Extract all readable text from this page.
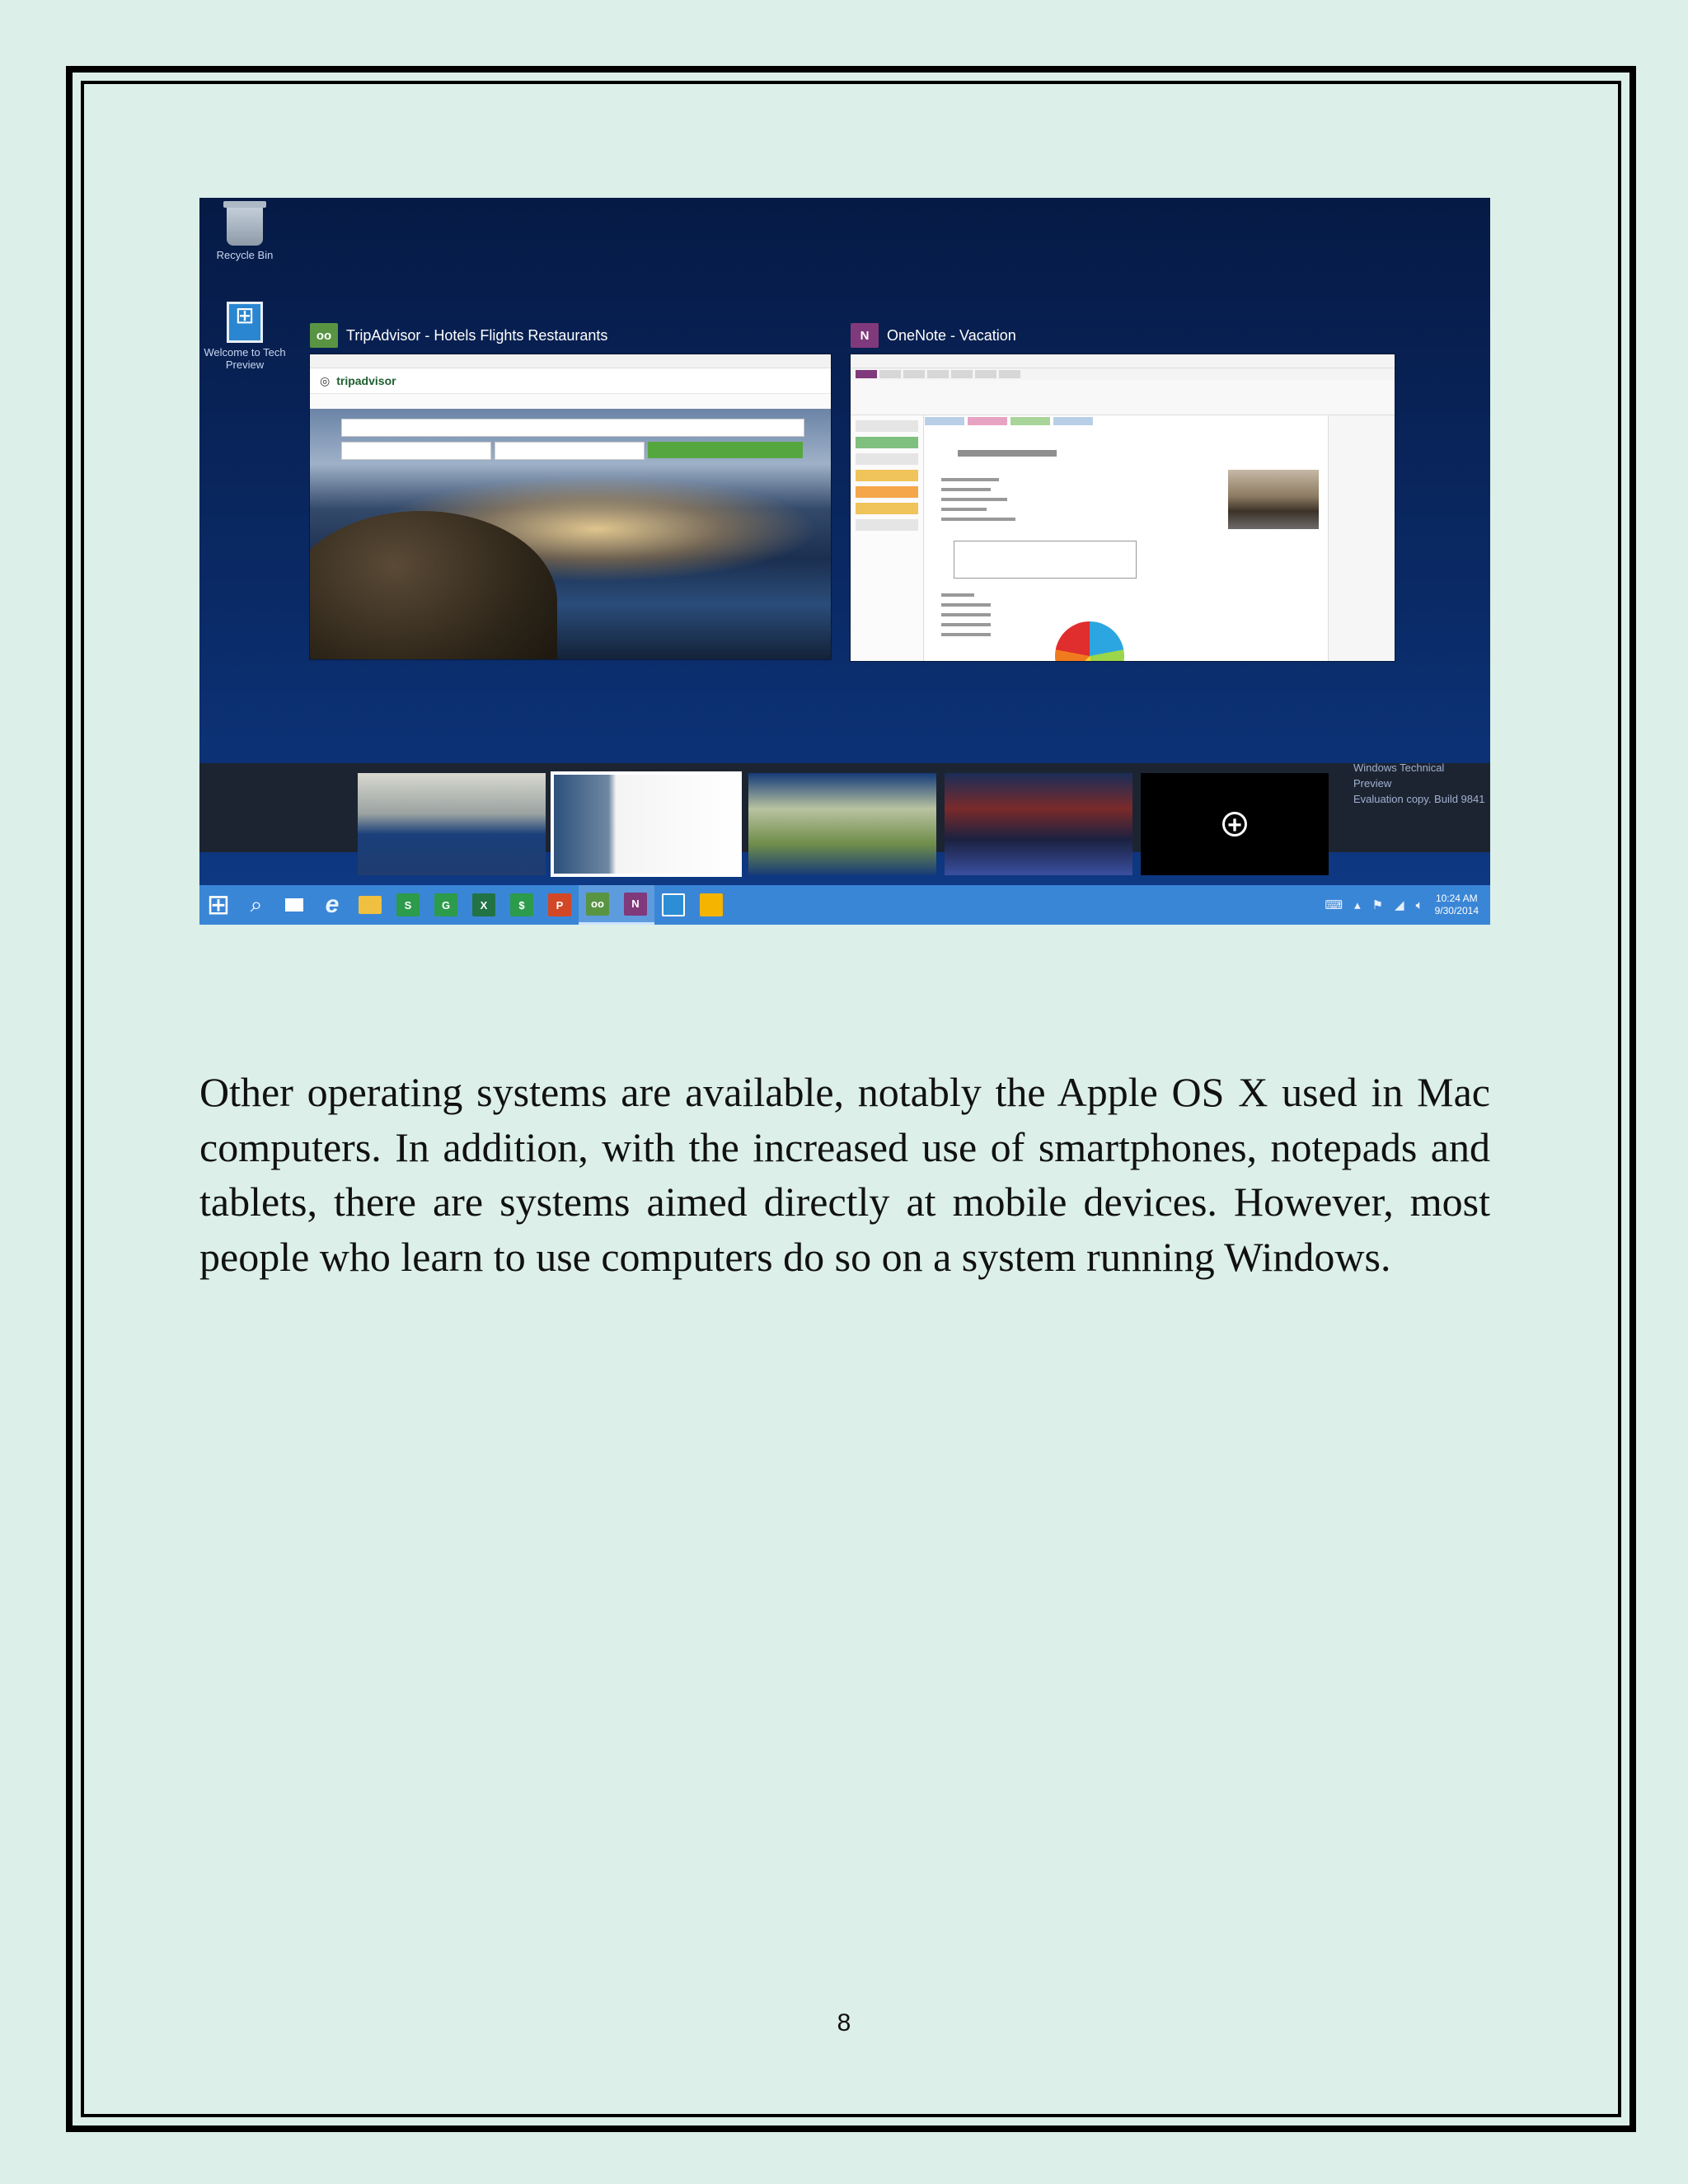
Recycle Bin
⊞
Welcome to Tech Preview
oo TripAdvisor - Hotels Flights Restaurants
◎ tripadvisor
N	OneNote - Vacation
+
Windows Technical Preview
Evaluation copy. Build 9841
⊞ ⌕	e	S	G	X	$	P	oo	N	⌨ ▴ ⚑ ◢ 🔈︎ 10:24 AM
9/30/2014

Other operating systems are available, notably the Apple OS X used in Mac computers. In addition, with the increased use of smartphones, notepads and tablets, there are systems aimed directly at mobile devices. However, most people who learn to use computers do so on a system running Windows.

8
